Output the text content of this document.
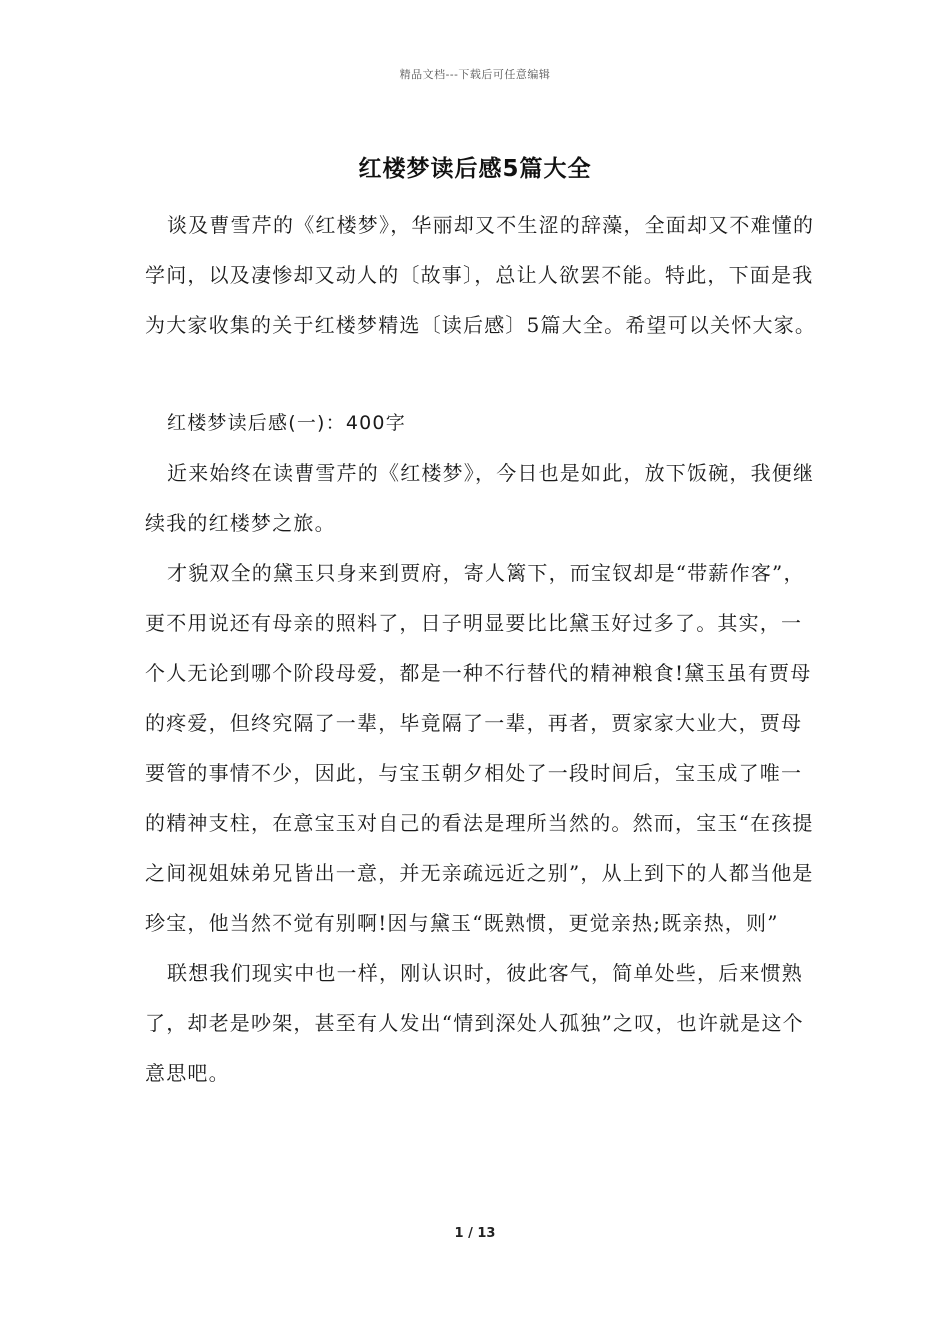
精品文档---下载后可任意编辑
红楼梦读后感5篇大全

谈及曹雪芹的《红楼梦》，华丽却又不生涩的辞藻，全面却又不难懂的学问，以及凄惨却又动人的〔故事〕，总让人欲罢不能。特此，下面是我为大家收集的关于红楼梦精选〔读后感〕5篇大全。希望可以关怀大家。

红楼梦读后感(一)：400字

近来始终在读曹雪芹的《红楼梦》，今日也是如此，放下饭碗，我便继续我的红楼梦之旅。

才貌双全的黛玉只身来到贾府，寄人篱下，而宝钗却是“带薪作客”，更不用说还有母亲的照料了，日子明显要比比黛玉好过多了。其实，一个人无论到哪个阶段母爱，都是一种不行替代的精神粮食!黛玉虽有贾母的疼爱，但终究隔了一辈，毕竟隔了一辈，再者，贾家家大业大，贾母要管的事情不少，因此，与宝玉朝夕相处了一段时间后，宝玉成了唯一的精神支柱，在意宝玉对自己的看法是理所当然的。然而，宝玉“在孩提之间视姐妹弟兄皆出一意，并无亲疏远近之别”，从上到下的人都当他是珍宝，他当然不觉有别啊!因与黛玉“既熟惯，更觉亲热;既亲热，则”

联想我们现实中也一样，刚认识时，彼此客气，简单处些，后来惯熟了，却老是吵架，甚至有人发出“情到深处人孤独”之叹，也许就是这个意思吧。

1 / 13
